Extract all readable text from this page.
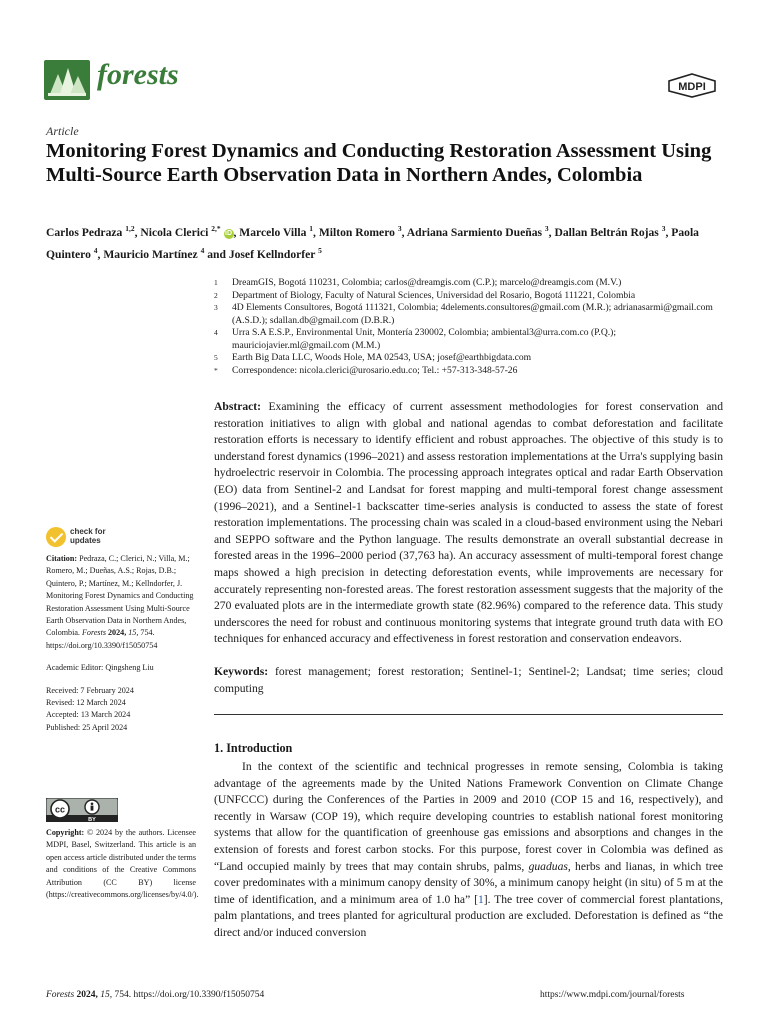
forests	MDPI
Article
Monitoring Forest Dynamics and Conducting Restoration Assessment Using Multi-Source Earth Observation Data in Northern Andes, Colombia
Carlos Pedraza $^{1,2}$, Nicola Clerici $^{2,*}$ iD , Marcelo Villa $^1$, Milton Romero $^3$, Adriana Sarmiento Dueñas $^3$, Dallan Beltrán Rojas $^3$, Paola Quintero $^4$, Mauricio Martínez $^4$ and Josef Kellndorfer $^5$
1	DreamGIS, Bogotá 110231, Colombia; carlos@dreamgis.com (C.P.); marcelo@dreamgis.com (M.V.)
2	Department of Biology, Faculty of Natural Sciences, Universidad del Rosario, Bogotá 111221, Colombia
3	4D Elements Consultores, Bogotá 111321, Colombia; 4delements.consultores@gmail.com (M.R.); adrianasarmi@gmail.com (A.S.D.); sdallan.db@gmail.com (D.B.R.)
4	Urra S.A E.S.P., Environmental Unit, Montería 230002, Colombia; ambiental3@urra.com.co (P.Q.); mauriciojavier.ml@gmail.com (M.M.)
5	Earth Big Data LLC, Woods Hole, MA 02543, USA; josef@earthbigdata.com
*	Correspondence: nicola.clerici@urosario.edu.co; Tel.: +57-313-348-57-26
Abstract: Examining the efficacy of current assessment methodologies for forest conservation and restoration initiatives to align with global and national agendas to combat deforestation and facilitate restoration efforts is necessary to identify efficient and robust approaches. The objective of this study is to understand forest dynamics (1996–2021) and assess restoration implementations at the Urra's supplying basin hydroelectric reservoir in Colombia. The processing approach integrates optical and radar Earth Observation (EO) data from Sentinel-2 and Landsat for forest mapping and multi-temporal forest change assessment (1996–2021), and a Sentinel-1 backscatter time-series analysis is conducted to assess the state of forest restoration implementations. The processing chain was scaled in a cloud-based environment using the Nebari and SEPPO software and the Python language. The results demonstrate an overall substantial decrease in forested areas in the 1996–2000 period (37,763 ha). An accuracy assessment of multi-temporal forest change maps showed a high precision in detecting deforestation events, while improvements are necessary for accurately representing non-forested areas. The forest restoration assessment suggests that the majority of the 270 evaluated plots are in the intermediate growth state (82.96%) compared to the reference data. This study underscores the need for robust and continuous monitoring systems that integrate ground truth data with EO techniques for enhanced accuracy and effectiveness in forest restoration and conservation endeavors.
Keywords: forest management; forest restoration; Sentinel-1; Sentinel-2; Landsat; time series; cloud computing
1. Introduction
In the context of the scientific and technical progresses in remote sensing, Colombia is taking advantage of the agreements made by the United Nations Framework Convention on Climate Change (UNFCCC) during the Conferences of the Parties in 2009 and 2010 (COP 15 and 16, respectively), and recently in Warsaw (COP 19), which require developing countries to establish national forest monitoring systems that allow for the quantification of greenhouse gas emissions and absorptions and changes in the extension of forests and forest carbon stocks. For this purpose, forest cover in Colombia was defined as “Land occupied mainly by trees that may contain shrubs, palms, guaduas, herbs and lianas, in which tree cover predominates with a minimum canopy density of 30%, a minimum canopy height (in situ) of 5 m at the time of identification, and a minimum area of 1.0 ha” [1]. The tree cover of commercial forest plantations, palm plantations, and trees planted for agricultural production are excluded. Deforestation is defined as “the direct and/or induced conversion
check for
updates
Citation: Pedraza, C.; Clerici, N.; Villa, M.; Romero, M.; Dueñas, A.S.; Rojas, D.B.; Quintero, P.; Martínez, M.; Kellndorfer, J. Monitoring Forest Dynamics and Conducting Restoration Assessment Using Multi-Source Earth Observation Data in Northern Andes, Colombia. Forests 2024, 15, 754. https://doi.org/10.3390/f15050754
Academic Editor: Qingsheng Liu
Received: 7 February 2024
Revised: 12 March 2024
Accepted: 13 March 2024
Published: 25 April 2024
cc
BY
Copyright: © 2024 by the authors. Licensee MDPI, Basel, Switzerland. This article is an open access article distributed under the terms and conditions of the Creative Commons Attribution (CC BY) license (https://creativecommons.org/licenses/by/4.0/).
Forests 2024, 15, 754. https://doi.org/10.3390/f15050754	https://www.mdpi.com/journal/forests
